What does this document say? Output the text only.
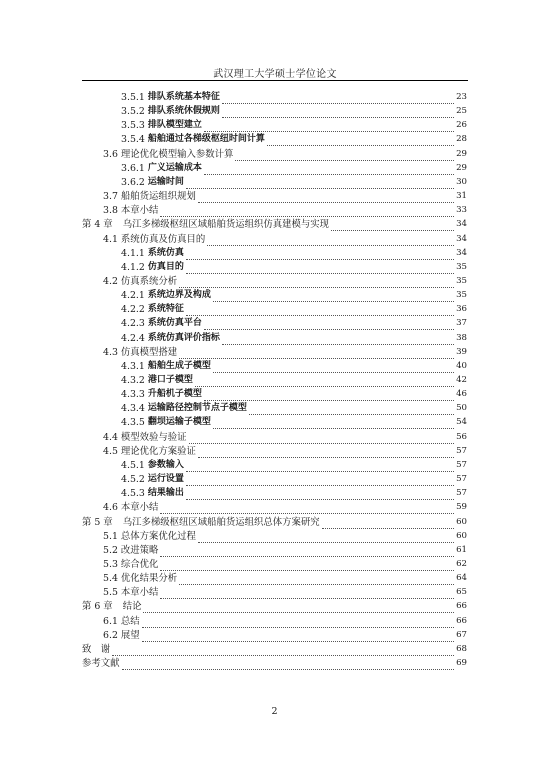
武汉理工大学硕士学位论文
3.5.1 排队系统基本特征	23
3.5.2 排队系统休假规则	25
3.5.3 排队模型建立	26
3.5.4 船舶通过各梯级枢纽时间计算	28
3.6 理论优化模型输入参数计算	29
3.6.1 广义运输成本	29
3.6.2 运输时间	30
3.7 船舶货运组织规划	31
3.8 本章小结	33
第 4 章 乌江多梯级枢纽区域船舶货运组织仿真建模与实现	34
4.1 系统仿真及仿真目的	34
4.1.1 系统仿真	34
4.1.2 仿真目的	35
4.2 仿真系统分析	35
4.2.1 系统边界及构成	35
4.2.2 系统特征	36
4.2.3 系统仿真平台	37
4.2.4 系统仿真评价指标	38
4.3 仿真模型搭建	39
4.3.1 船舶生成子模型	40
4.3.2 港口子模型	42
4.3.3 升船机子模型	46
4.3.4 运输路径控制节点子模型	50
4.3.5 翻坝运输子模型	54
4.4 模型效验与验证	56
4.5 理论优化方案验证	57
4.5.1 参数输入	57
4.5.2 运行设置	57
4.5.3 结果输出	57
4.6 本章小结	59
第 5 章 乌江多梯级枢纽区域船舶货运组织总体方案研究	60
5.1 总体方案优化过程	60
5.2 改进策略	61
5.3 综合优化	62
5.4 优化结果分析	64
5.5 本章小结	65
第 6 章 结论	66
6.1 总结	66
6.2 展望	67
致　谢	68
参考文献	69
2
